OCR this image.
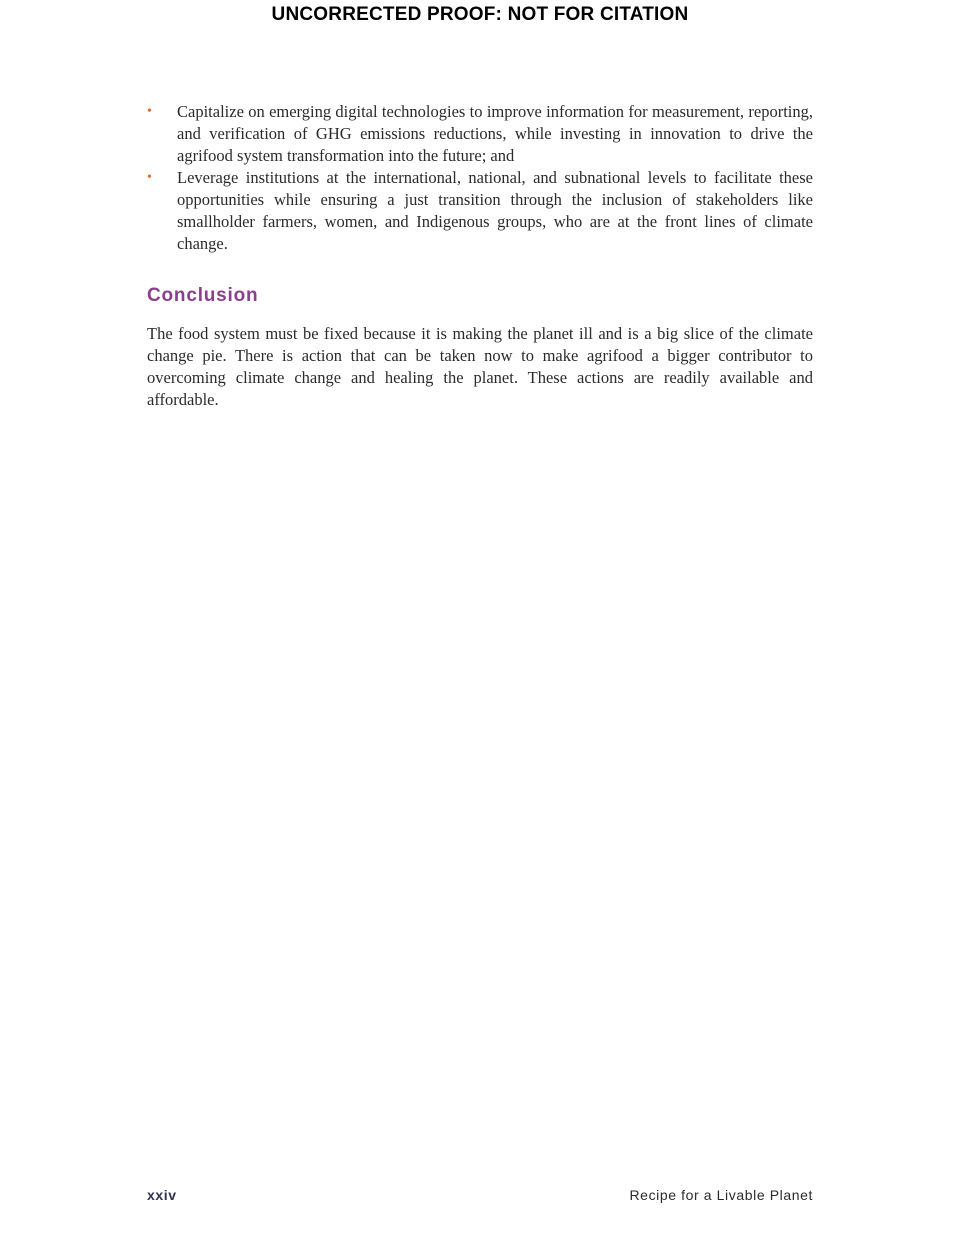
UNCORRECTED PROOF: NOT FOR CITATION
• Capitalize on emerging digital technologies to improve information for measurement, reporting, and verification of GHG emissions reductions, while investing in innovation to drive the agrifood system transformation into the future; and
• Leverage institutions at the international, national, and subnational levels to facilitate these opportunities while ensuring a just transition through the inclusion of stakeholders like smallholder farmers, women, and Indigenous groups, who are at the front lines of climate change.
Conclusion

The food system must be fixed because it is making the planet ill and is a big slice of the climate change pie. There is action that can be taken now to make agrifood a bigger contributor to overcoming climate change and healing the planet. These actions are readily available and affordable.

xxiv	Recipe for a Livable Planet
